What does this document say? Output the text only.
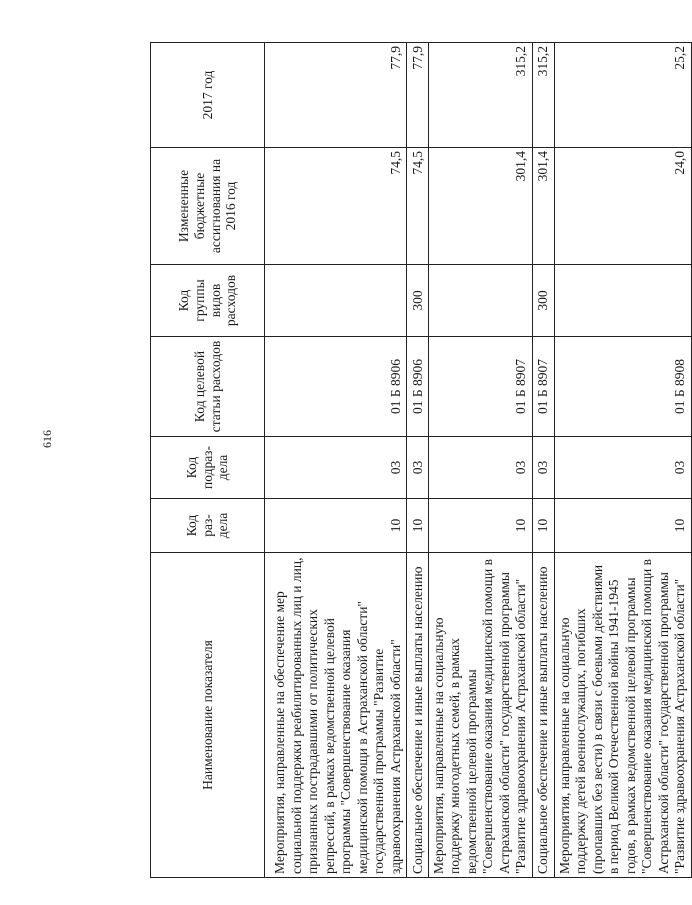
616
Наименование показателя	Код раз-дела	Код подраз-дела	Код целевой статьи расходов	Код группы видов расходов	Измененные бюджетные ассигнования на 2016 год	2017 год
Мероприятия, направленные на обеспечение мер социальной поддержки реабилитированных лиц и лиц, признанных пострадавшими от политических репрессий, в рамках ведомственной целевой программы "Совершенствование оказания медицинской помощи в Астраханской области" государственной программы "Развитие здравоохранения Астраханской области"	10	03	01 Б 8906		74,5	77,9
Социальное обеспечение и иные выплаты населению	10	03	01 Б 8906	300	74,5	77,9
Мероприятия, направленные на социальную поддержку многодетных семей, в рамках ведомственной целевой программы "Совершенствование оказания медицинской помощи в Астраханской области" государственной программы "Развитие здравоохранения Астраханской области"	10	03	01 Б 8907		301,4	315,2
Социальное обеспечение и иные выплаты населению	10	03	01 Б 8907	300	301,4	315,2
Мероприятия, направленные на социальную поддержку детей военнослужащих, погибших (пропавших без вести) в связи с боевыми действиями в период Великой Отечественной войны 1941-1945 годов, в рамках ведомственной целевой программы "Совершенствование оказания медицинской помощи в Астраханской области" государственной программы "Развитие здравоохранения Астраханской области"	10	03	01 Б 8908		24,0	25,2
